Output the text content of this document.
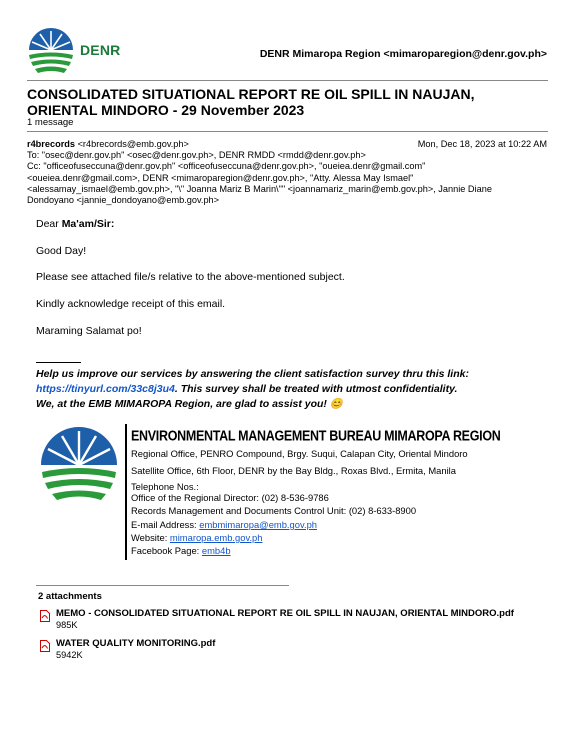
DENR	DENR Mimaropa Region <mimaroparegion@denr.gov.ph>
CONSOLIDATED SITUATIONAL REPORT RE OIL SPILL IN NAUJAN, ORIENTAL MINDORO - 29 November 2023
1 message
r4brecords <r4brecords@emb.gov.ph>
To: "osec@denr.gov.ph" <osec@denr.gov.ph>, DENR RMDD <rmdd@denr.gov.ph>
Cc: "officeofuseccuna@denr.gov.ph" <officeofuseccuna@denr.gov.ph>, "oueiea.denr@gmail.com"
<oueiea.denr@gmail.com>, DENR <mimaroparegion@denr.gov.ph>, "Atty. Alessa May Ismael"
<alessamay_ismael@emb.gov.ph>, "\" Joanna Mariz B Marin\"" <joannamariz_marin@emb.gov.ph>, Jannie Diane
Dondoyano <jannie_dondoyano@emb.gov.ph>
Mon, Dec 18, 2023 at 10:22 AM
Dear Ma'am/Sir:
Good Day!
Please see attached file/s relative to the above-mentioned subject.
Kindly acknowledge receipt of this email.
Maraming Salamat po!
Help us improve our services by answering the client satisfaction survey thru this link:
https://tinyurl.com/33c8j3u4. This survey shall be treated with utmost confidentiality.
We, at the EMB MIMAROPA Region, are glad to assist you! 😊
ENVIRONMENTAL MANAGEMENT BUREAU MIMAROPA REGION
Regional Office, PENRO Compound, Brgy. Suqui, Calapan City, Oriental Mindoro
Satellite Office, 6th Floor, DENR by the Bay Bldg., Roxas Blvd., Ermita, Manila
Telephone Nos.:
Office of the Regional Director: (02) 8-536-9786
Records Management and Documents Control Unit: (02) 8-633-8900
E-mail Address: embmimaropa@emb.gov.ph
Website: mimaropa.emb.gov.ph
Facebook Page: emb4b
2 attachments
MEMO - CONSOLIDATED SITUATIONAL REPORT RE OIL SPILL IN NAUJAN, ORIENTAL MINDORO.pdf
985K
WATER QUALITY MONITORING.pdf
5942K
